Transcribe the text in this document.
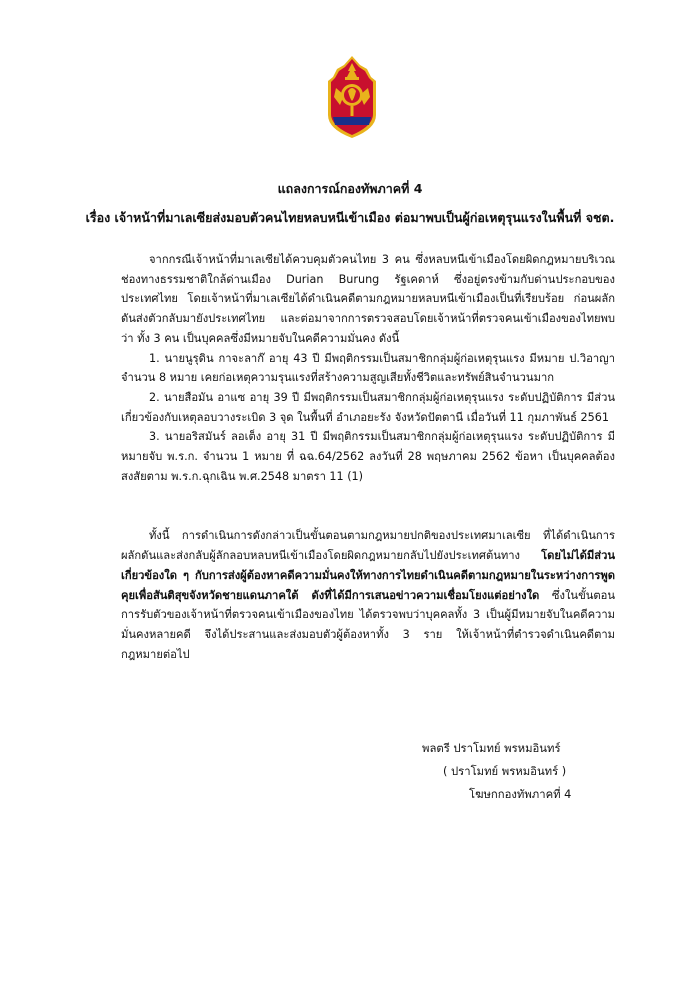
แถลงการณ์กองทัพภาคที่ 4
เรื่อง เจ้าหน้าที่มาเลเซียส่งมอบตัวคนไทยหลบหนีเข้าเมือง ต่อมาพบเป็นผู้ก่อเหตุรุนแรงในพื้นที่ จชต.

จากกรณีเจ้าหน้าที่มาเลเซียได้ควบคุมตัวคนไทย 3 คน ซึ่งหลบหนีเข้าเมืองโดยผิดกฎหมายบริเวณช่องทางธรรมชาติใกล้ด่านเมือง Durian Burung รัฐเคดาห์ ซึ่งอยู่ตรงข้ามกับด่านประกอบของประเทศไทย โดยเจ้าหน้าที่มาเลเซียได้ดำเนินคดีตามกฎหมายหลบหนีเข้าเมืองเป็นที่เรียบร้อย ก่อนผลักดันส่งตัวกลับมายังประเทศไทย และต่อมาจากการตรวจสอบโดยเจ้าหน้าที่ตรวจคนเข้าเมืองของไทยพบว่า ทั้ง 3 คน เป็นบุคคลซึ่งมีหมายจับในคดีความมั่นคง ดังนี้

1. นายนูรุดิน กาจะลาก๊ อายุ 43 ปี มีพฤติกรรมเป็นสมาชิกกลุ่มผู้ก่อเหตุรุนแรง มีหมาย ป.วิอาญา จำนวน 8 หมาย เคยก่อเหตุความรุนแรงที่สร้างความสูญเสียทั้งชีวิตและทรัพย์สินจำนวนมาก

2. นายสือมัน อาแซ อายุ 39 ปี มีพฤติกรรมเป็นสมาชิกกลุ่มผู้ก่อเหตุรุนแรง ระดับปฏิบัติการ มีส่วนเกี่ยวข้องกับเหตุลอบวางระเบิด 3 จุด ในพื้นที่ อำเภอยะรัง จังหวัดปัตตานี เมื่อวันที่ 11 กุมภาพันธ์ 2561

3. นายอริสมันร์ ลอเต็ง อายุ 31 ปี มีพฤติกรรมเป็นสมาชิกกลุ่มผู้ก่อเหตุรุนแรง ระดับปฏิบัติการ มีหมายจับ พ.ร.ก. จำนวน 1 หมาย ที่ ฉฉ.64/2562 ลงวันที่ 28 พฤษภาคม 2562 ข้อหา เป็นบุคคลต้องสงสัยตาม พ.ร.ก.ฉุกเฉิน พ.ศ.2548 มาตรา 11 (1)

ทั้งนี้ การดำเนินการดังกล่าวเป็นขั้นตอนตามกฎหมายปกติของประเทศมาเลเซีย ที่ได้ดำเนินการผลักดันและส่งกลับผู้ลักลอบหลบหนีเข้าเมืองโดยผิดกฎหมายกลับไปยังประเทศต้นทาง โดยไม่ได้มีส่วนเกี่ยวข้องใด ๆ กับการส่งผู้ต้องหาคดีความมั่นคงให้ทางการไทยดำเนินคดีตามกฎหมายในระหว่างการพูดคุยเพื่อสันติสุขจังหวัดชายแดนภาคใต้ ดังที่ได้มีการเสนอข่าวความเชื่อมโยงแต่อย่างใด ซึ่งในขั้นตอนการรับตัวของเจ้าหน้าที่ตรวจคนเข้าเมืองของไทย ได้ตรวจพบว่าบุคคลทั้ง 3 เป็นผู้มีหมายจับในคดีความมั่นคงหลายคดี จึงได้ประสานและส่งมอบตัวผู้ต้องหาทั้ง 3 ราย ให้เจ้าหน้าที่ตำรวจดำเนินคดีตามกฎหมายต่อไป

พลตรี ปราโมทย์ พรหมอินทร์
( ปราโมทย์ พรหมอินทร์ )
โฆษกกองทัพภาคที่ 4
